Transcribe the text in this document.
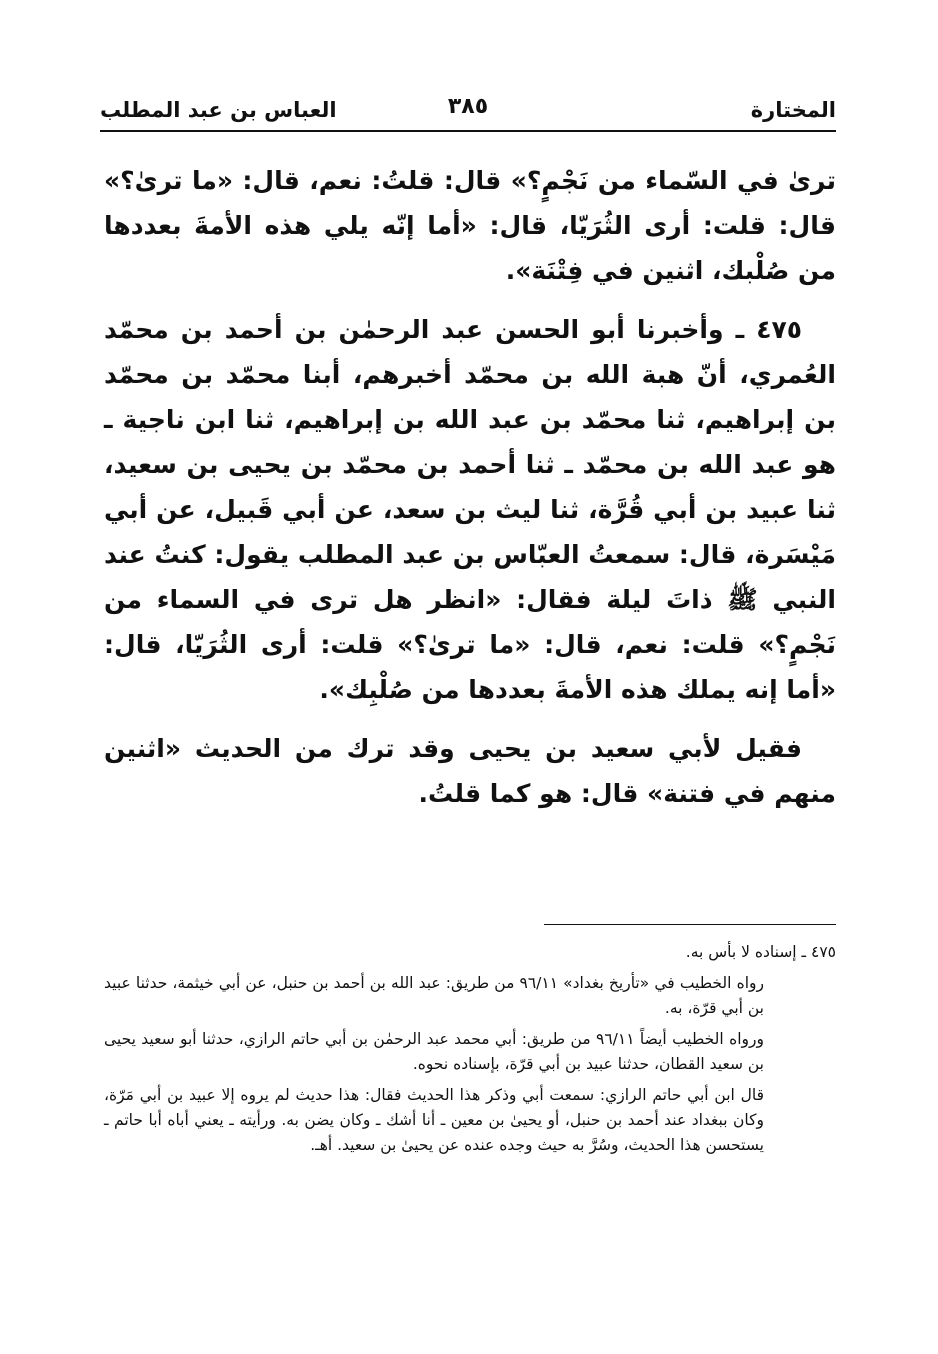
المختارة
٣٨٥
العباس بن عبد المطلب

ترىٰ في السّماء من نَجْمٍ؟» قال: قلتُ: نعم، قال: «ما ترىٰ؟» قال: قلت: أرى الثُرَيّا، قال: «أما إنّه يلي هذه الأمةَ بعددها من صُلْبك، اثنين في فِتْنَة».

٤٧٥ ـ وأخبرنا أبو الحسن عبد الرحمٰن بن أحمد بن محمّد العُمري، أنّ هبة الله بن محمّد أخبرهم، أبنا محمّد بن محمّد بن إبراهيم، ثنا محمّد بن عبد الله بن إبراهيم، ثنا ابن ناجية ـ هو عبد الله بن محمّد ـ ثنا أحمد بن محمّد بن يحيى بن سعيد، ثنا عبيد بن أبي قُرَّة، ثنا ليث بن سعد، عن أبي قَبيل، عن أبي مَيْسَرة، قال: سمعتُ العبّاس بن عبد المطلب يقول: كنتُ عند النبي ﷺ ذاتَ ليلة فقال: «انظر هل ترى في السماء من نَجْمٍ؟» قلت: نعم، قال: «ما ترىٰ؟» قلت: أرى الثُرَيّا، قال: «أما إنه يملك هذه الأمةَ بعددها من صُلْبِك».

فقيل لأبي سعيد بن يحيى وقد ترك من الحديث «اثنين منهم في فتنة» قال: هو كما قلتُ.

٤٧٥ ـ إسناده لا بأس به.
رواه الخطيب في «تأريخ بغداد» ٩٦/١١ من طريق: عبد الله بن أحمد بن حنبل، عن أبي خيثمة، حدثنا عبيد بن أبي قرّة، به.
ورواه الخطيب أيضاً ٩٦/١١ من طريق: أبي محمد عبد الرحمٰن بن أبي حاتم الرازي، حدثنا أبو سعيد يحيى بن سعيد القطان، حدثنا عبيد بن أبي قرّة، بإسناده نحوه.
قال ابن أبي حاتم الرازي: سمعت أبي وذكر هذا الحديث فقال: هذا حديث لم يروه إلا عبيد بن أبي مَرّة، وكان ببغداد عند أحمد بن حنبل، أو يحيىٰ بن معين ـ أنا أشك ـ وكان يضن به. ورأيته ـ يعني أباه أبا حاتم ـ يستحسن هذا الحديث، وسُرَّ به حيث وجده عنده عن يحيىٰ بن سعيد. أهـ.
